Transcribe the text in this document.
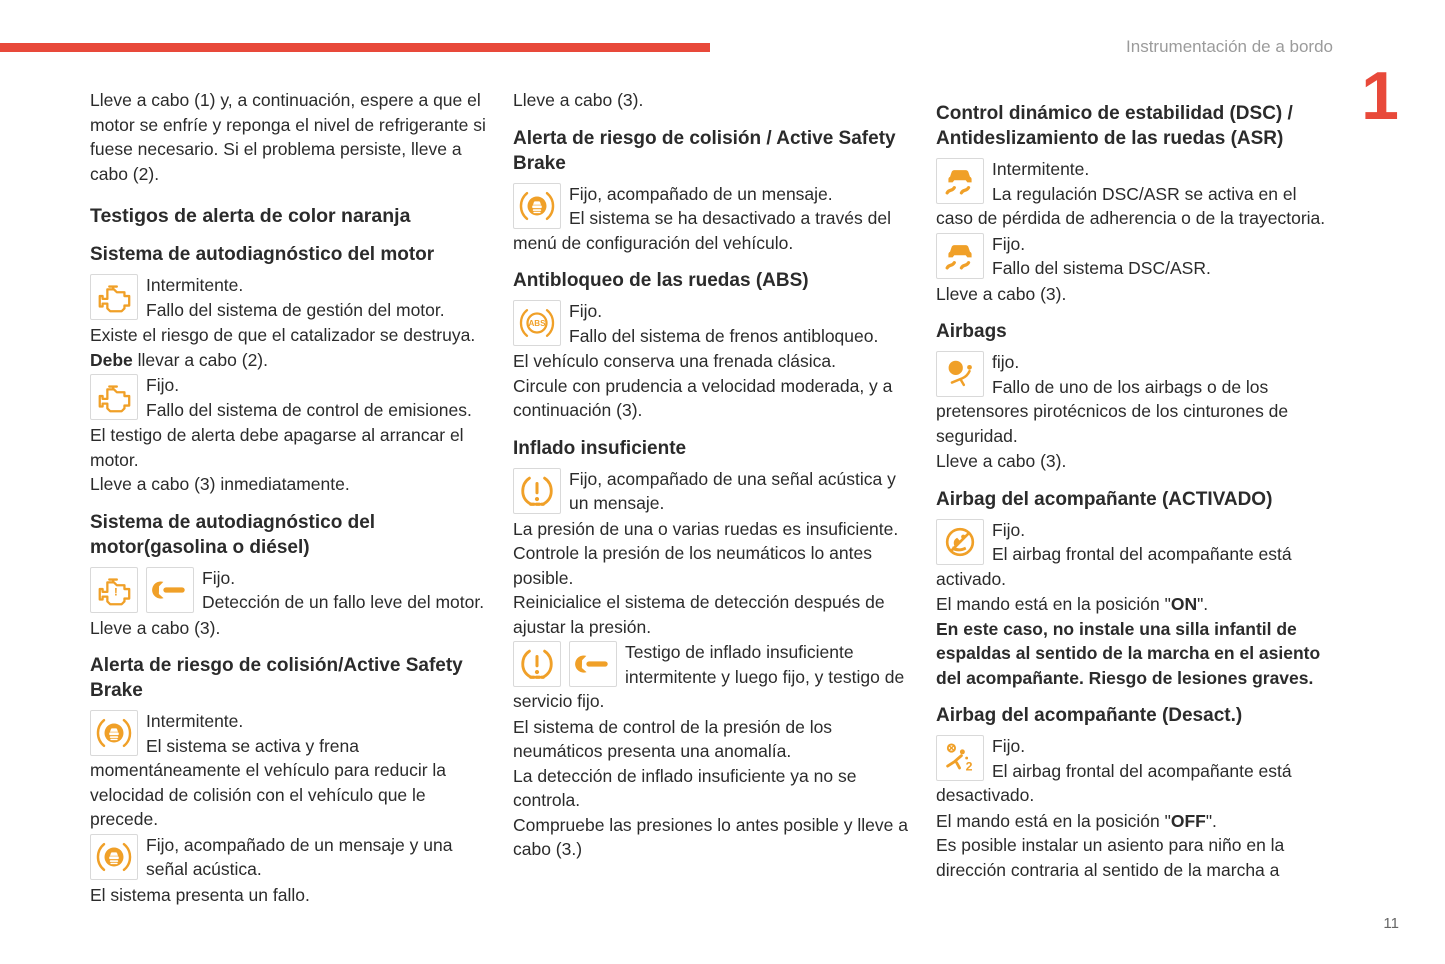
Instrumentación de a bordo
1

Lleve a cabo (1) y, a continuación, espere a que el motor se enfríe y reponga el nivel de refrigerante si fuese necesario. Si el problema persiste, lleve a cabo (2).

Testigos de alerta de color naranja
Sistema de autodiagnóstico del motor
Intermitente.
Fallo del sistema de gestión del motor.

Existe el riesgo de que el catalizador se destruya.

Debe llevar a cabo (2).

Fijo.
Fallo del sistema de control de emisiones.

El testigo de alerta debe apagarse al arrancar el motor.

Lleve a cabo (3) inmediatamente.

Sistema de autodiagnóstico del motor(gasolina o diésel)
!
Fijo.
Detección de un fallo leve del motor.

Lleve a cabo (3).

Alerta de riesgo de colisión/Active Safety Brake
Intermitente.
El sistema se activa y frena momentáneamente el vehículo para reducir la velocidad de colisión con el vehículo que le precede.
Fijo, acompañado de un mensaje y una señal acústica.

El sistema presenta un fallo.

Lleve a cabo (3).

Alerta de riesgo de colisión / Active Safety Brake
Fijo, acompañado de un mensaje.
El sistema se ha desactivado a través del menú de configuración del vehículo.
Antibloqueo de las ruedas (ABS)
ABS
Fijo.
Fallo del sistema de frenos antibloqueo.

El vehículo conserva una frenada clásica.

Circule con prudencia a velocidad moderada, y a continuación (3).

Inflado insuficiente
Fijo, acompañado de una señal acústica y un mensaje.

La presión de una o varias ruedas es insuficiente.

Controle la presión de los neumáticos lo antes posible.

Reinicialice el sistema de detección después de ajustar la presión.

Testigo de inflado insuficiente intermitente y luego fijo, y testigo de servicio fijo.

El sistema de control de la presión de los neumáticos presenta una anomalía.

La detección de inflado insuficiente ya no se controla.

Compruebe las presiones lo antes posible y lleve a cabo (3.)

Control dinámico de estabilidad (DSC) / Antideslizamiento de las ruedas (ASR)
Intermitente.
La regulación DSC/ASR se activa en el caso de pérdida de adherencia o de la trayectoria.
Fijo.
Fallo del sistema DSC/ASR.

Lleve a cabo (3).

Airbags
fijo.
Fallo de uno de los airbags o de los pretensores pirotécnicos de los cinturones de seguridad.

Lleve a cabo (3).

Airbag del acompañante (ACTIVADO)
Fijo.
El airbag frontal del acompañante está activado.

El mando está en la posición "ON".

En este caso, no instale una silla infantil de espaldas al sentido de la marcha en el asiento del acompañante. Riesgo de lesiones graves.

Airbag del acompañante (Desact.)
2
Fijo.
El airbag frontal del acompañante está desactivado.

El mando está en la posición "OFF".

Es posible instalar un asiento para niño en la dirección contraria al sentido de la marcha a

11
